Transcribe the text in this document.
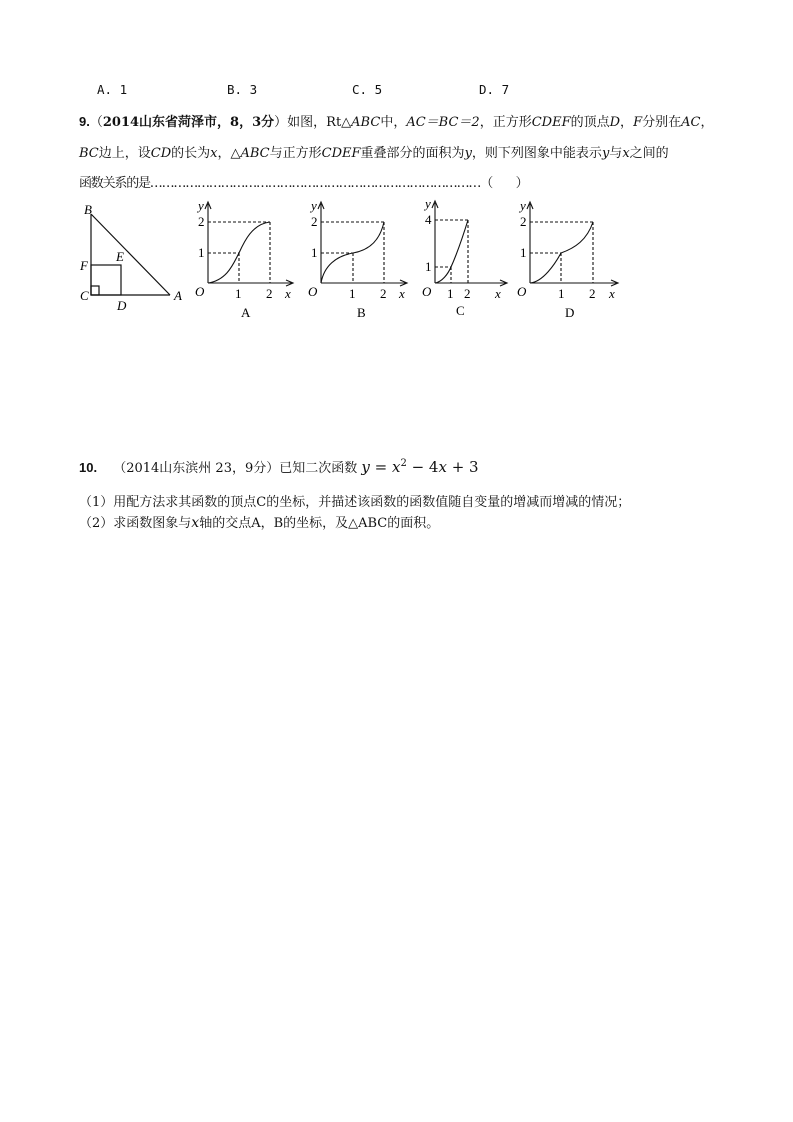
A. 1	B. 3	C. 5	D. 7
9.（2014山东省菏泽市，8，3分）如图，Rt△ABC中，AC＝BC＝2，正方形CDEF的顶点D，F分别在AC，
BC边上，设CD的长为x，△ABC与正方形CDEF重叠部分的面积为y，则下列图象中能表示y与x之间的
函数关系的是…………………………………………………………………………（　　）
B
C	A
D
E
F
y
2
1
O 1 2 x
A
y
2
1
O 1 2 x
B
y
4
1
O 1 2 x
C
y
2
1
O 1 2 x
D
10. （2014山东滨州 23，9分）已知二次函数 $y = x^2 - 4x + 3$
（1）用配方法求其函数的顶点C的坐标，并描述该函数的函数值随自变量的增减而增减的情况；
（2）求函数图象与x轴的交点A，B的坐标，及△ABC的面积。
